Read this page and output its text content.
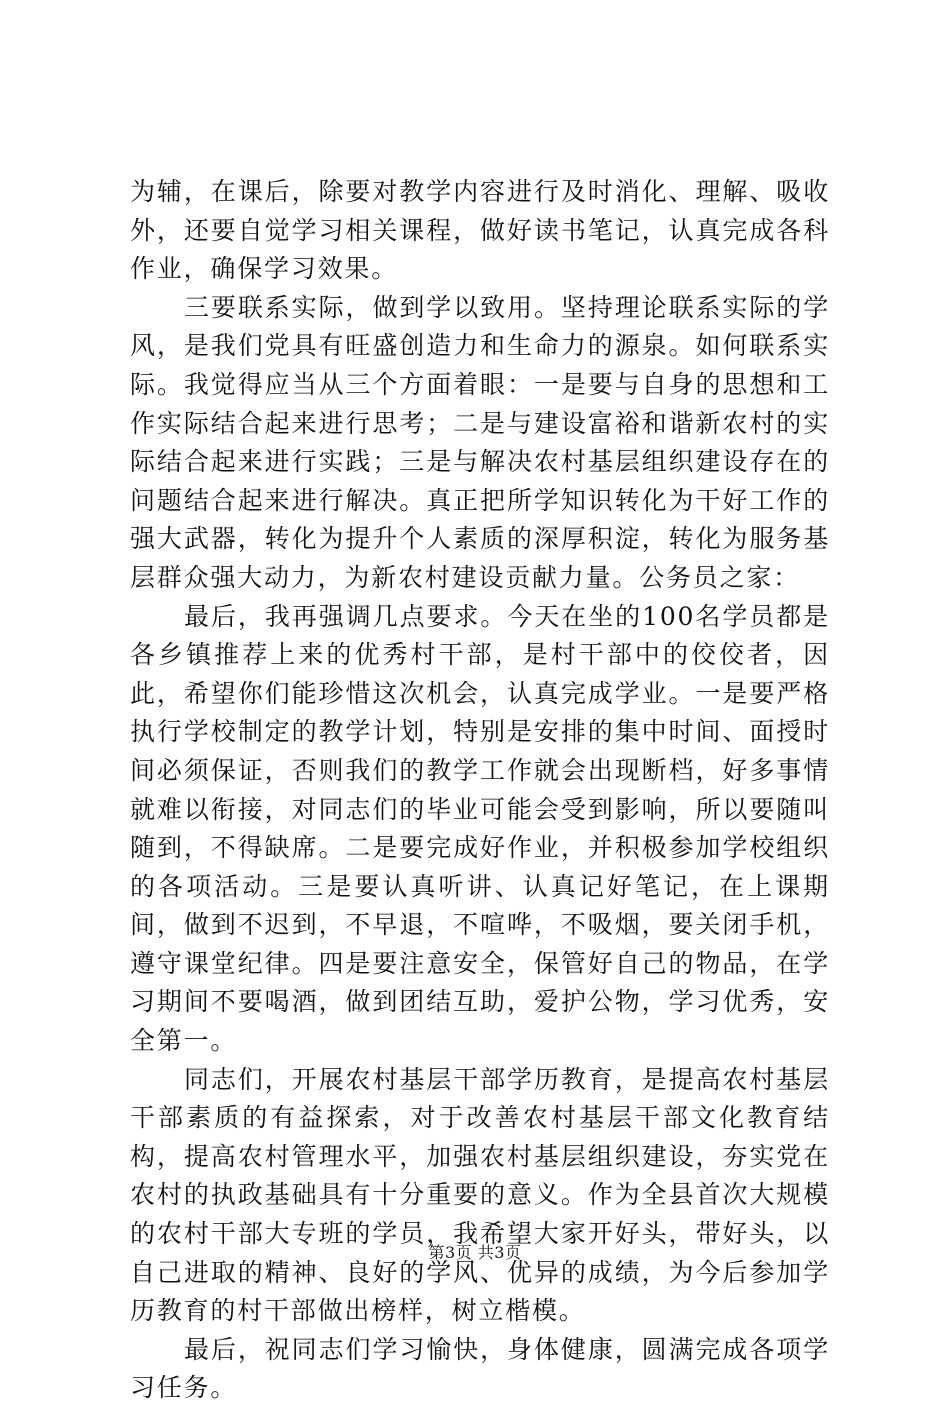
为辅，在课后，除要对教学内容进行及时消化、理解、吸收外，还要自觉学习相关课程，做好读书笔记，认真完成各科作业，确保学习效果。

三要联系实际，做到学以致用。坚持理论联系实际的学风，是我们党具有旺盛创造力和生命力的源泉。如何联系实际。我觉得应当从三个方面着眼：一是要与自身的思想和工作实际结合起来进行思考；二是与建设富裕和谐新农村的实际结合起来进行实践；三是与解决农村基层组织建设存在的问题结合起来进行解决。真正把所学知识转化为干好工作的强大武器，转化为提升个人素质的深厚积淀，转化为服务基层群众强大动力，为新农村建设贡献力量。公务员之家：

最后，我再强调几点要求。今天在坐的100名学员都是各乡镇推荐上来的优秀村干部，是村干部中的佼佼者，因此，希望你们能珍惜这次机会，认真完成学业。一是要严格执行学校制定的教学计划，特别是安排的集中时间、面授时间必须保证，否则我们的教学工作就会出现断档，好多事情就难以衔接，对同志们的毕业可能会受到影响，所以要随叫随到，不得缺席。二是要完成好作业，并积极参加学校组织的各项活动。三是要认真听讲、认真记好笔记，在上课期间，做到不迟到，不早退，不喧哗，不吸烟，要关闭手机，遵守课堂纪律。四是要注意安全，保管好自己的物品，在学习期间不要喝酒，做到团结互助，爱护公物，学习优秀，安全第一。

同志们，开展农村基层干部学历教育，是提高农村基层干部素质的有益探索，对于改善农村基层干部文化教育结构，提高农村管理水平，加强农村基层组织建设，夯实党在农村的执政基础具有十分重要的意义。作为全县首次大规模的农村干部大专班的学员，我希望大家开好头，带好头，以自己进取的精神、良好的学风、优异的成绩，为今后参加学历教育的村干部做出榜样，树立楷模。

最后，祝同志们学习愉快，身体健康，圆满完成各项学习任务。

第3页 共3页
